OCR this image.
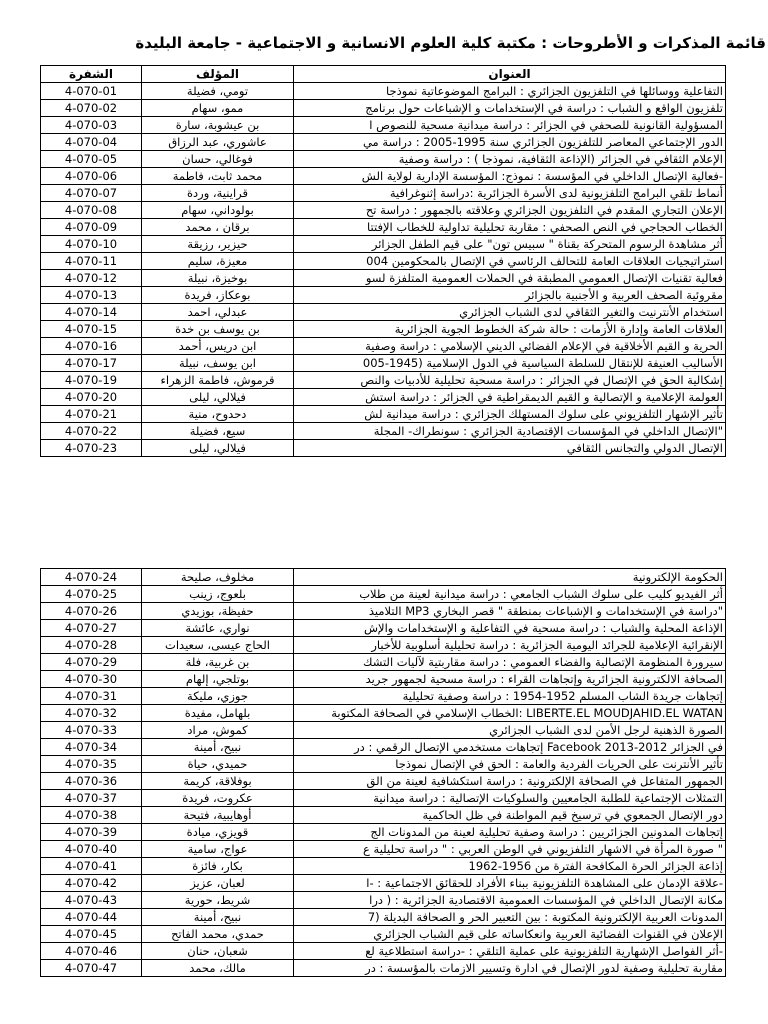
قائمة المذكرات و الأطروحات : مكتبة كلية العلوم الانسانية و الاجتماعية - جامعة البليدة
الشفرة	المؤلف	العنوان
4-070-01	تومي، فضيلة	التفاعلية ووسائلها في التلفزيون الجزائري : البرامج الموضوعاتية نموذجا
4-070-02	ممو، سهام	تلفزيون الواقع و الشباب : دراسة في الإستخدامات و الإشباعات حول برنامج
4-070-03	بن عيشوبة، سارة	المسؤولية القانونية للصحفي في الجزائر : دراسة ميدانية مسحية للنصوص ا
4-070-04	عاشوري، عبد الرزاق	الدور الإجتماعي المعاصر للتلفزيون الجزائري سنة 1995-2005 : دراسة مي
4-070-05	فوغالي، حسان	الإعلام الثقافي في الجزائر (الإذاعة الثقافية، نموذجا ) : دراسة وصفية
4-070-06	محمد ثابت، فاطمة	-فعالية الإتصال الداخلي في المؤسسة : نموذج: المؤسسة الإدارية لولاية الش
4-070-07	قراينية، وردة	أنماط تلقي البرامج التلفزيونية لدى الأسرة الجزائرية :دراسة إثنوغرافية
4-070-08	بولوداني، سهام	الإعلان التجاري المقدم في التلفزيون الجزائري وعلاقته بالجمهور : دراسة تح
4-070-09	برقان ، محمد	الخطاب الحجاجي في النص الصحفي : مقاربة تحليلية تداولية للخطاب الإفتتا
4-070-10	حيزير، رزيقة	أثر مشاهدة الرسوم المتحركة بقناة " سبيس تون" على قيم الطفل الجزائر
4-070-11	معيزة، سليم	استراتيجيات العلاقات العامة للتحالف الرئاسي في الإتصال بالمحكومين 004
4-070-12	بوخيزة، نبيلة	فعالية تقنيات الإتصال العمومي المطبقة في الحملات العمومية المتلفزة لسو
4-070-13	بوعكاز، فريدة	مقروئية الصحف العربية و الأجنبية بالجزائر
4-070-14	عبدلي، احمد	استخدام الأنترنيت والتغير الثقافي لدى الشباب الجزائري
4-070-15	بن يوسف بن خدة	العلاقات العامة وإدارة الأزمات : حالة شركة الخطوط الجوية الجزائرية
4-070-16	ابن دريس، أحمد	الحرية و القيم الأخلاقية في الإعلام الفضائي الديني الإسلامي : دراسة وصفية
4-070-17	ابن يوسف، نبيلة	الأساليب العنيفة للإنتقال للسلطة السياسية في الدول الإسلامية (1945-005
4-070-19	قرموش، فاطمة الزهراء	إشكالية الحق في الإتصال في الجزائر : دراسة مسحية تحليلية للأدبيات والنص
4-070-20	فيلالي، ليلى	العولمة الإعلامية و الإتصالية و القيم الديمقراطية في الجزائر : دراسة استش
4-070-21	دحدوح، منية	تأثير الإشهار التلفزيوني على سلوك المستهلك الجزائري : دراسة ميدانية لش
4-070-22	سيع، فضيلة	"الإتصال الداخلي في المؤسسات الإقتصادية الجزائري : سونطراك- المجلة
4-070-23	فيلالي، ليلى	الإتصال الدولي والتجانس الثقافي
4-070-24	مخلوف، صليحة	الحكومة الإلكترونية
4-070-25	بلعوج، زينب	أثر الفيديو كليب على سلوك الشباب الجامعي : دراسة ميدانية لعينة من طلاب
4-070-26	حفيظة، بوزيدي	"دراسة في الإستخدامات و الإشباعات بمنطقة " قصر البخاري MP3 التلاميذ
4-070-27	نواري، عائشة	الإذاعة المحلية والشباب : دراسة مسحية في التفاعلية و الإستخدامات والإش
4-070-28	الحاج عيسى، سعيدات	الإنقرائية الإعلامية للجرائد اليومية الجزائرية : دراسة تحليلية أسلوبية للأخبار
4-070-29	بن غربية، فلة	سيرورة المنظومة الإتصالية والفضاء العمومي : دراسة مقاربتية لآليات التشك
4-070-30	بوتلجي، إلهام	الصحافة الالكترونية الجزائرية وإتجاهات القراء : دراسة مسحية لجمهور جريد
4-070-31	جوزي، مليكة	إتجاهات جريدة الشاب المسلم 1952-1954 : دراسة وصفية تحليلية
4-070-32	بلهامل، مفيدة	LIBERTE.EL MOUDJAHID.EL WATAN :الخطاب الإسلامي في الصحافة المكتوبة
4-070-33	كموش، مراد	الصورة الذهنية لرجل الأمن لدى الشباب الجزائري
4-070-34	نبيح، أمينة	في الجزائر 2012-2013 Facebook إتجاهات مستخدمي الإتصال الرقمي : در
4-070-35	حميدي، حياة	تأثير الأنترنت على الحريات الفردية والعامة : الحق في الإتصال نموذجا
4-070-36	بوفلاقة، كريمة	الجمهور المتفاعل في الصحافة الإلكترونية : دراسة استكشافية لعينة من الق
4-070-37	عكروت، فريدة	التمثلات الإجتماعية للطلبة الجامعيين والسلوكيات الإتصالية : دراسة ميدانية
4-070-38	أوهايبية، فتيحة	دور الإتصال الجمعوي في ترسيخ قيم المواطنة في ظل الحاكمية
4-070-39	قويزي، ميادة	إتجاهات المدونين الجزائريين : دراسة وصفية تحليلية لعينة من المدونات الج
4-070-40	عواج، سامية	" صورة المرأة في الاشهار التلفزيوني في الوطن العربي : " دراسة تحليلية ع
4-070-41	بكار، فائزة	إذاعة الجزائر الحرة المكافحة الفترة من 1956-1962
4-070-42	لعبان، عزيز	-علاقة الإدمان على المشاهدة التلفزيونية ببناء الأفراد للحقائق الاجتماعية : -ا
4-070-43	شريط، حورية	مكانة الإتصال الداخلي في المؤسسات العمومية الاقتصادية الجزائرية : ( درا
4-070-44	نبيح، أمينة	المدونات العربية الإلكترونية المكتوبة : بين التعبير الحر و الصحافة البديلة (7
4-070-45	حمدي، محمد الفاتح	الإعلان في القنوات الفضائية العربية وانعكاساته على قيم الشباب الجزائري
4-070-46	شعبان، حنان	-أثر الفواصل الإشهارية التلفزيونية على عملية التلقي : -دراسة استطلاعية لع
4-070-47	مالك، محمد	مقاربة تحليلية وصفية لدور الإتصال في ادارة وتسيير الازمات بالمؤسسة : در
